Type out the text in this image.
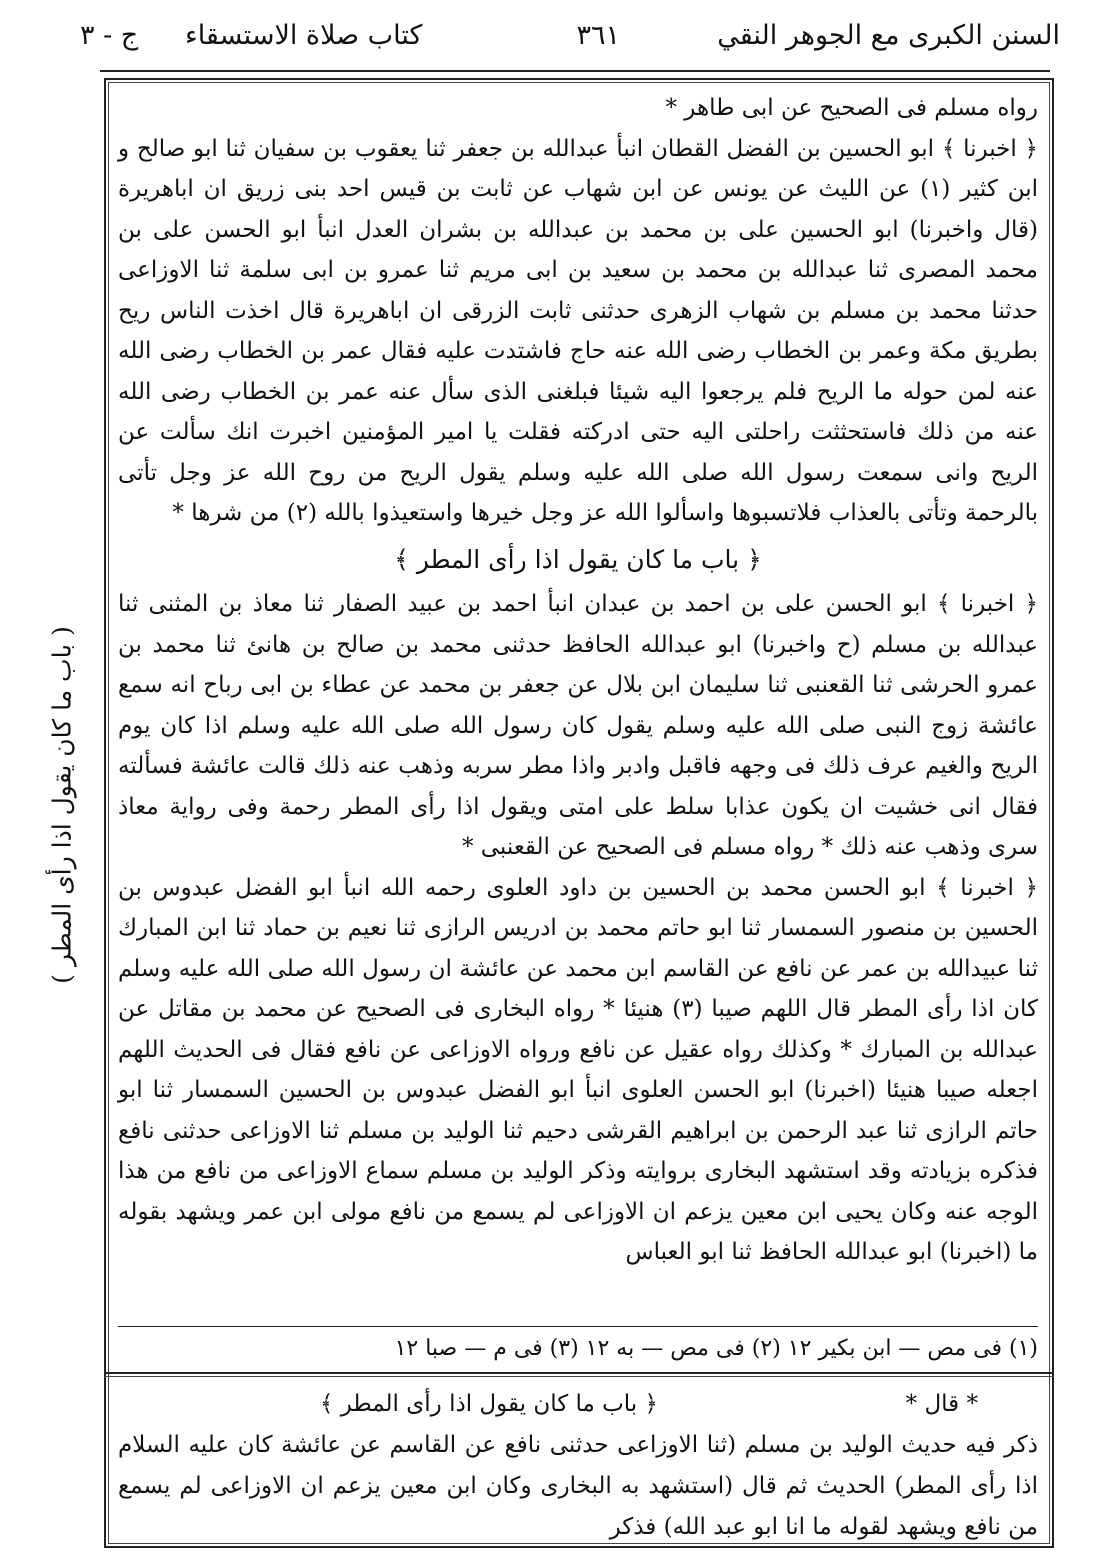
السنن الكبرى مع الجوهر النقي
٣٦١
كتاب صلاة الاستسقاء
ج - ٣
( باب ما كان يقول اذا رأى المطر )

رواه مسلم فى الصحيح عن ابى طاهر *

﴿ اخبرنا ﴾ ابو الحسين بن الفضل القطان انبأ عبدالله بن جعفر ثنا يعقوب بن سفيان ثنا ابو صالح و ابن كثير (١) عن الليث عن يونس عن ابن شهاب عن ثابت بن قيس احد بنى زريق ان اباهريرة (قال واخبرنا) ابو الحسين على بن محمد بن عبدالله بن بشران العدل انبأ ابو الحسن على بن محمد المصرى ثنا عبدالله بن محمد بن سعيد بن ابى مريم ثنا عمرو بن ابى سلمة ثنا الاوزاعى حدثنا محمد بن مسلم بن شهاب الزهرى حدثنى ثابت الزرقى ان اباهريرة قال اخذت الناس ريح بطريق مكة وعمر بن الخطاب رضى الله عنه حاج فاشتدت عليه فقال عمر بن الخطاب رضى الله عنه لمن حوله ما الريح فلم يرجعوا اليه شيئا فبلغنى الذى سأل عنه عمر بن الخطاب رضى الله عنه من ذلك فاستحثثت راحلتى اليه حتى ادركته فقلت يا امير المؤمنين اخبرت انك سألت عن الريح وانى سمعت رسول الله صلى الله عليه وسلم يقول الريح من روح الله عز وجل تأتى بالرحمة وتأتى بالعذاب فلاتسبوها واسألوا الله عز وجل خيرها واستعيذوا بالله (٢) من شرها *

﴿ باب ما كان يقول اذا رأى المطر ﴾

﴿ اخبرنا ﴾ ابو الحسن على بن احمد بن عبدان انبأ احمد بن عبيد الصفار ثنا معاذ بن المثنى ثنا عبدالله بن مسلم (ح واخبرنا) ابو عبدالله الحافظ حدثنى محمد بن صالح بن هانئ ثنا محمد بن عمرو الحرشى ثنا القعنبى ثنا سليمان ابن بلال عن جعفر بن محمد عن عطاء بن ابى رباح انه سمع عائشة زوج النبى صلى الله عليه وسلم يقول كان رسول الله صلى الله عليه وسلم اذا كان يوم الريح والغيم عرف ذلك فى وجهه فاقبل وادبر واذا مطر سربه وذهب عنه ذلك قالت عائشة فسألته فقال انى خشيت ان يكون عذابا سلط على امتى ويقول اذا رأى المطر رحمة وفى رواية معاذ سرى وذهب عنه ذلك * رواه مسلم فى الصحيح عن القعنبى *

﴿ اخبرنا ﴾ ابو الحسن محمد بن الحسين بن داود العلوى رحمه الله انبأ ابو الفضل عبدوس بن الحسين بن منصور السمسار ثنا ابو حاتم محمد بن ادريس الرازى ثنا نعيم بن حماد ثنا ابن المبارك ثنا عبيدالله بن عمر عن نافع عن القاسم ابن محمد عن عائشة ان رسول الله صلى الله عليه وسلم كان اذا رأى المطر قال اللهم صيبا (٣) هنيئا * رواه البخارى فى الصحيح عن محمد بن مقاتل عن عبدالله بن المبارك * وكذلك رواه عقيل عن نافع ورواه الاوزاعى عن نافع فقال فى الحديث اللهم اجعله صيبا هنيئا (اخبرنا) ابو الحسن العلوى انبأ ابو الفضل عبدوس بن الحسين السمسار ثنا ابو حاتم الرازى ثنا عبد الرحمن بن ابراهيم القرشى دحيم ثنا الوليد بن مسلم ثنا الاوزاعى حدثنى نافع فذكره بزيادته وقد استشهد البخارى بروايته وذكر الوليد بن مسلم سماع الاوزاعى من نافع من هذا الوجه عنه وكان يحيى ابن معين يزعم ان الاوزاعى لم يسمع من نافع مولى ابن عمر ويشهد بقوله ما (اخبرنا) ابو عبدالله الحافظ ثنا ابو العباس

(١) فى مص — ابن بكير ١٢ (٢) فى مص — به ١٢ (٣) فى م — صبا ١٢
* قال *
﴿ باب ما كان يقول اذا رأى المطر ﴾

ذكر فيه حديث الوليد بن مسلم (ثنا الاوزاعى حدثنى نافع عن القاسم عن عائشة كان عليه السلام اذا رأى المطر) الحديث ثم قال (استشهد به البخارى وكان ابن معين يزعم ان الاوزاعى لم يسمع من نافع ويشهد لقوله ما انا ابو عبد الله) فذكر
